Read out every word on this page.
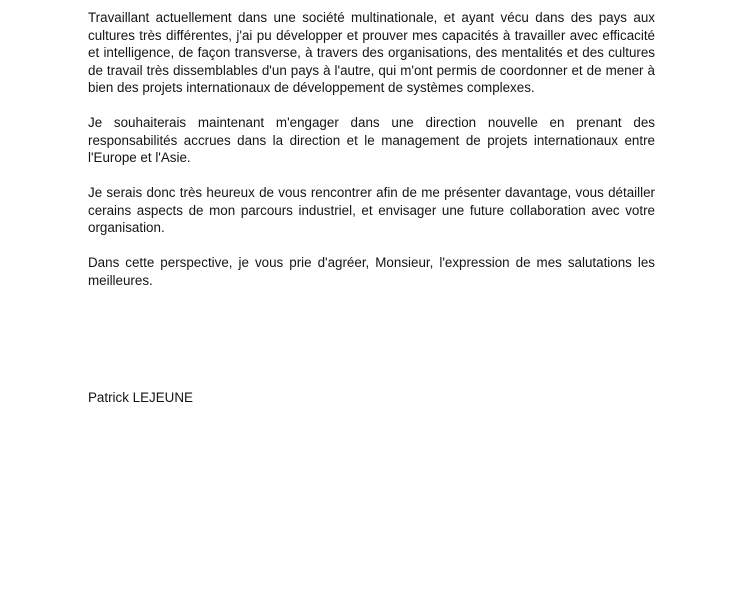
Travaillant actuellement dans une société multinationale, et ayant vécu dans des pays aux cultures très différentes, j'ai pu développer et prouver mes capacités à travailler avec efficacité et intelligence, de façon transverse, à travers des organisations, des mentalités et des cultures de travail très dissemblables d'un pays à l'autre, qui m'ont permis de coordonner et de mener à bien des projets internationaux de développement de systèmes complexes.

Je souhaiterais maintenant m'engager dans une direction nouvelle en prenant des responsabilités accrues dans la direction et le management de projets internationaux entre l'Europe et l'Asie.

Je serais donc très heureux de vous rencontrer afin de me présenter davantage, vous détailler cerains aspects de mon parcours industriel, et envisager une future collaboration avec votre organisation.

Dans cette perspective, je vous prie d'agréer, Monsieur, l'expression de mes salutations les meilleures.

Patrick LEJEUNE
